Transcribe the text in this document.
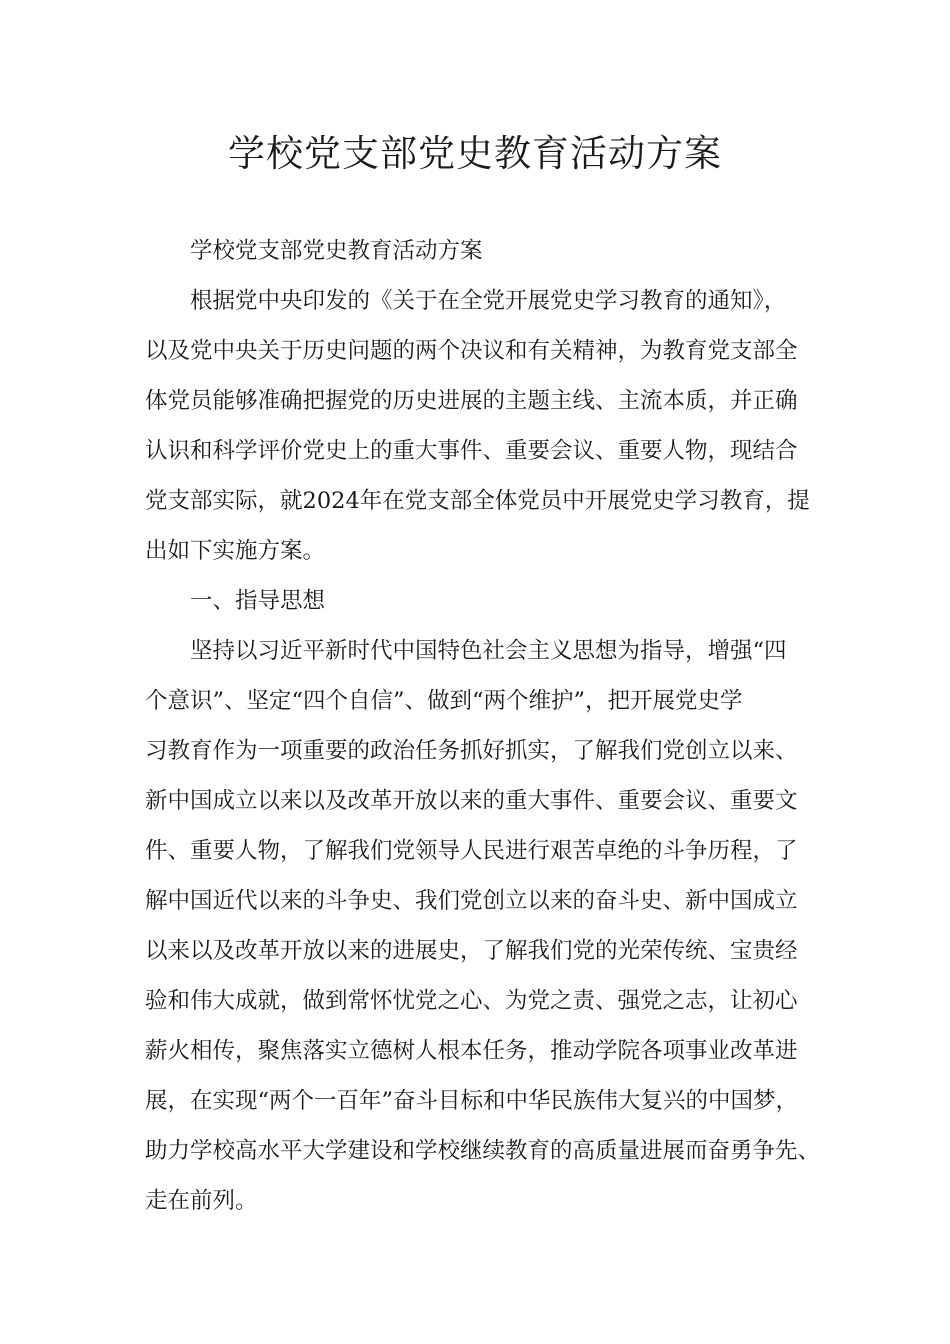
学校党支部党史教育活动方案

学校党支部党史教育活动方案

根据党中央印发的《关于在全党开展党史学习教育的通知》，

以及党中央关于历史问题的两个决议和有关精神，为教育党支部全

体党员能够准确把握党的历史进展的主题主线、主流本质，并正确

认识和科学评价党史上的重大事件、重要会议、重要人物，现结合

党支部实际，就2024年在党支部全体党员中开展党史学习教育，提

出如下实施方案。

一、指导思想

坚持以习近平新时代中国特色社会主义思想为指导，增强“四

个意识”、坚定“四个自信”、做到“两个维护”，把开展党史学

习教育作为一项重要的政治任务抓好抓实，了解我们党创立以来、

新中国成立以来以及改革开放以来的重大事件、重要会议、重要文

件、重要人物，了解我们党领导人民进行艰苦卓绝的斗争历程，了

解中国近代以来的斗争史、我们党创立以来的奋斗史、新中国成立

以来以及改革开放以来的进展史，了解我们党的光荣传统、宝贵经

验和伟大成就，做到常怀忧党之心、为党之责、强党之志，让初心

薪火相传，聚焦落实立德树人根本任务，推动学院各项事业改革进

展，在实现“两个一百年”奋斗目标和中华民族伟大复兴的中国梦，

助力学校高水平大学建设和学校继续教育的高质量进展而奋勇争先、

走在前列。
